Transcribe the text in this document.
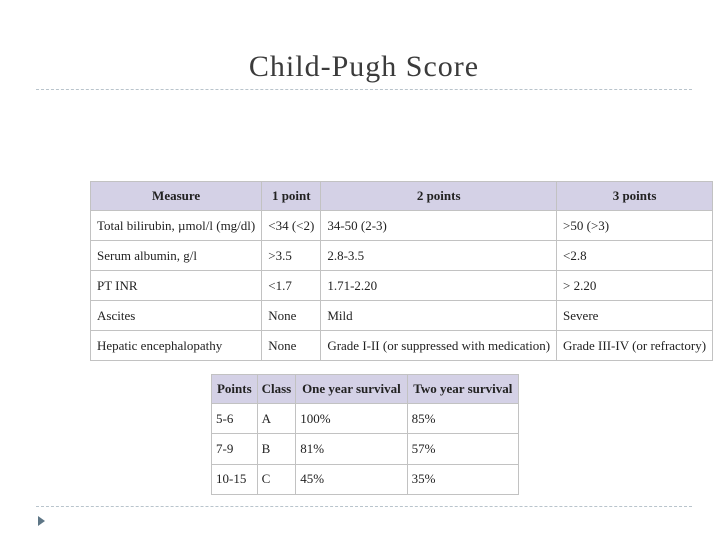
Child-Pugh Score
Measure	1 point	2 points	3 points
Total bilirubin, µmol/l (mg/dl)	<34 (<2)	34-50 (2-3)	>50 (>3)
Serum albumin, g/l	>3.5	2.8-3.5	<2.8
PT INR	<1.7	1.71-2.20	> 2.20
Ascites	None	Mild	Severe
Hepatic encephalopathy	None	Grade I-II (or suppressed with medication)	Grade III-IV (or refractory)
Points	Class	One year survival	Two year survival
5-6	A	100%	85%
7-9	B	81%	57%
10-15	C	45%	35%
